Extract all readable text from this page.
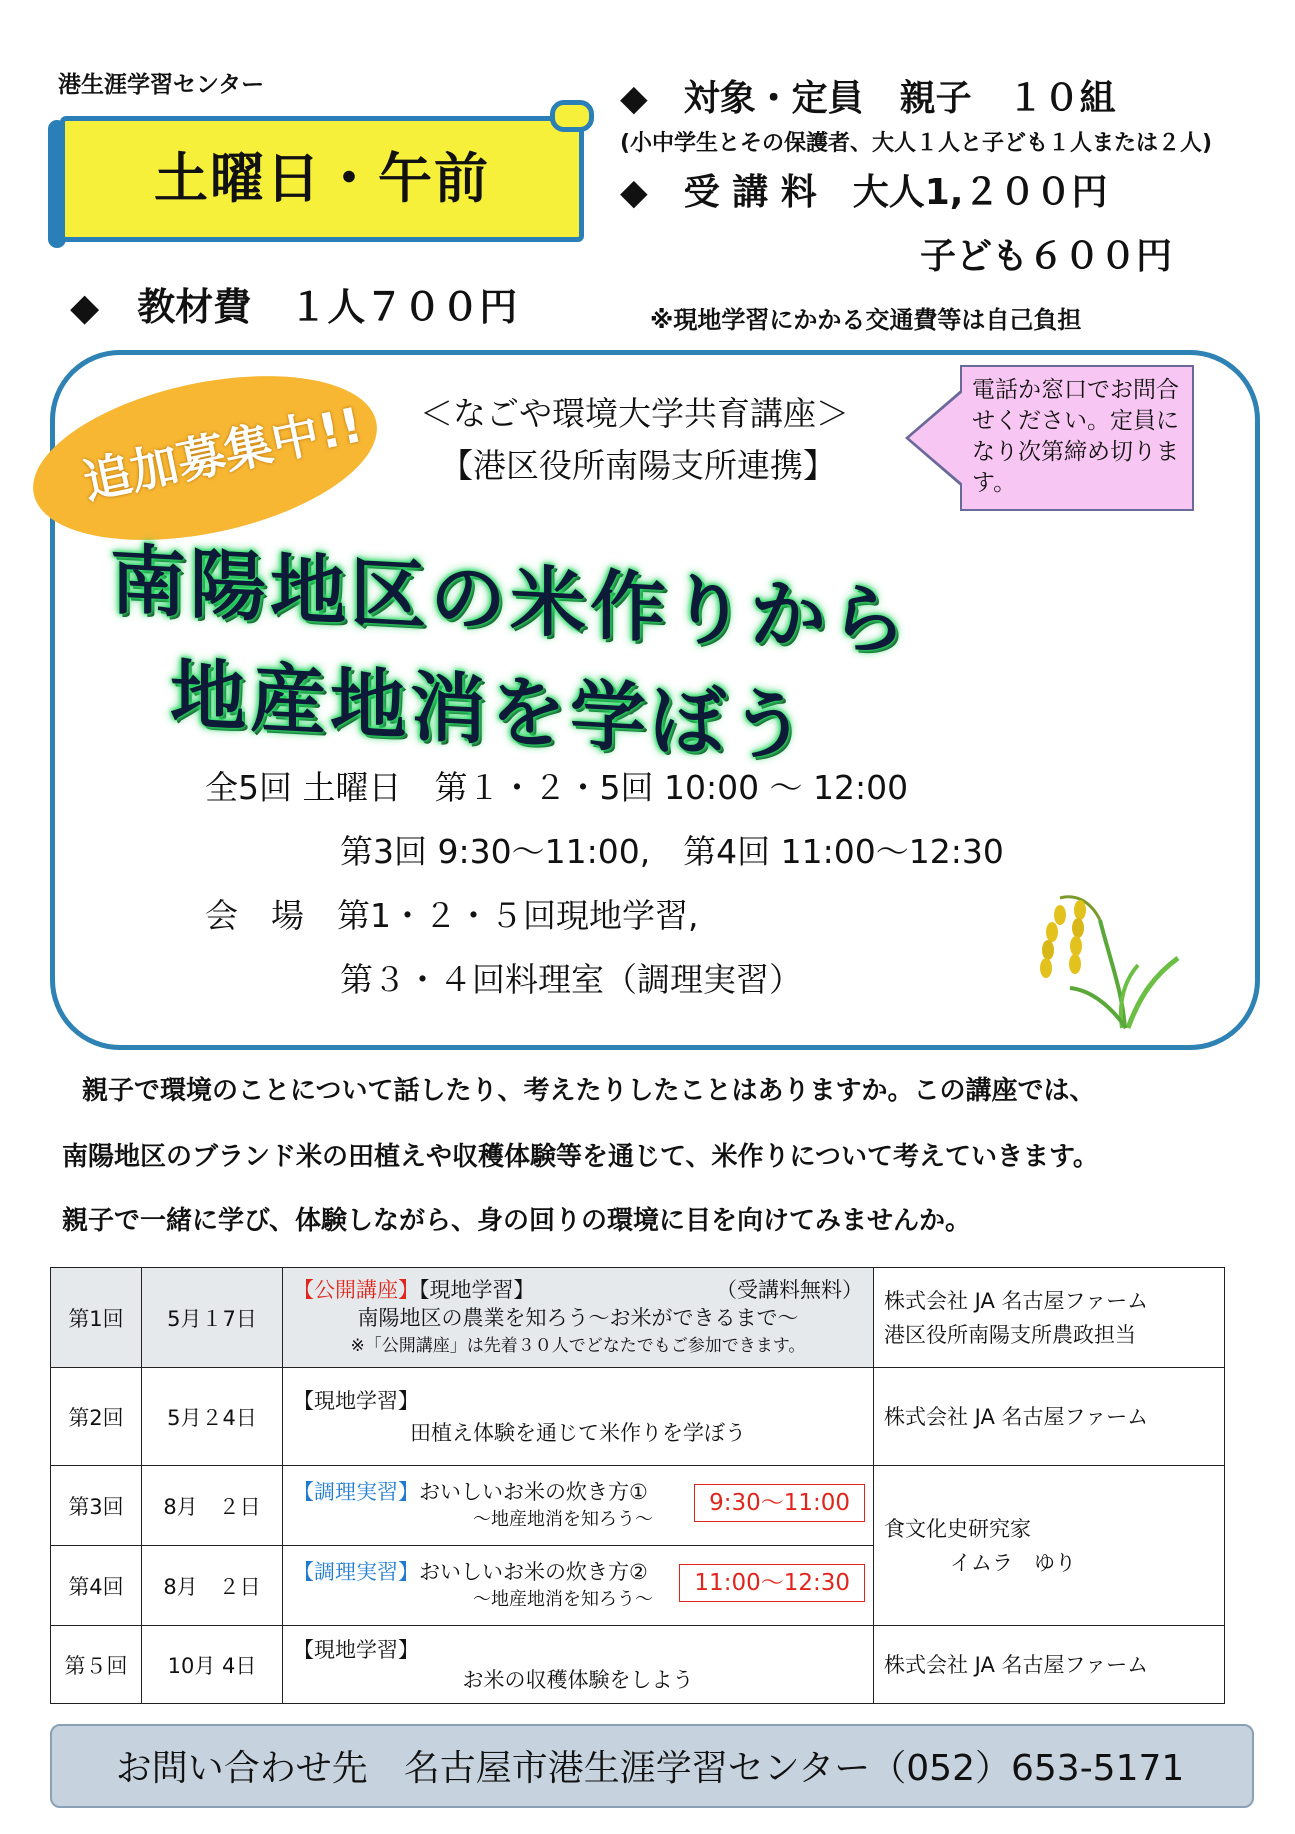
港生涯学習センター
土曜日・午前
◆　教材費　１人７００円
◆　対象・定員　親子　１０組
(小中学生とその保護者、大人１人と子ども１人または２人)
◆　受 講 料　大人1,２００円
子ども６００円
※現地学習にかかる交通費等は自己負担
追加募集中!!	＜なごや環境大学共育講座＞
【港区役所南陽支所連携】
電話か窓口でお問合せください。定員になり次第締め切ります。
南陽地区の米作りから
地産地消を学ぼう
全5回 土曜日　第１・２・5回 10:00 ～ 12:00
第3回 9:30～11:00,　第4回 11:00～12:30
会　場　第1・２・５回現地学習,
第３・４回料理室（調理実習）
親子で環境のことについて話したり、考えたりしたことはありますか。この講座では、
南陽地区のブランド米の田植えや収穫体験等を通じて、米作りについて考えていきます。
親子で一緒に学び、体験しながら、身の回りの環境に目を向けてみませんか。
第1回	5月１7日	【公開講座】【現地学習】 （受講料無料）
南陽地区の農業を知ろう～お米ができるまで～
※「公開講座」は先着３０人でどなたでもご参加できます。	株式会社 JA 名古屋ファーム
港区役所南陽支所農政担当

第2回	5月２4日	【現地学習】
田植え体験を通じて米作りを学ぼう	株式会社 JA 名古屋ファーム
第3回	8月　２日	【調理実習】おいしいお米の炊き方①
～地産地消を知ろう～
9:30～11:00	食文化史研究家
イムラ　ゆり

第4回	8月　２日	【調理実習】おいしいお米の炊き方②
～地産地消を知ろう～
11:00～12:30	

第５回	10月 4日	【現地学習】
お米の収穫体験をしよう	株式会社 JA 名古屋ファーム
お問い合わせ先　名古屋市港生涯学習センター（052）653-5171
